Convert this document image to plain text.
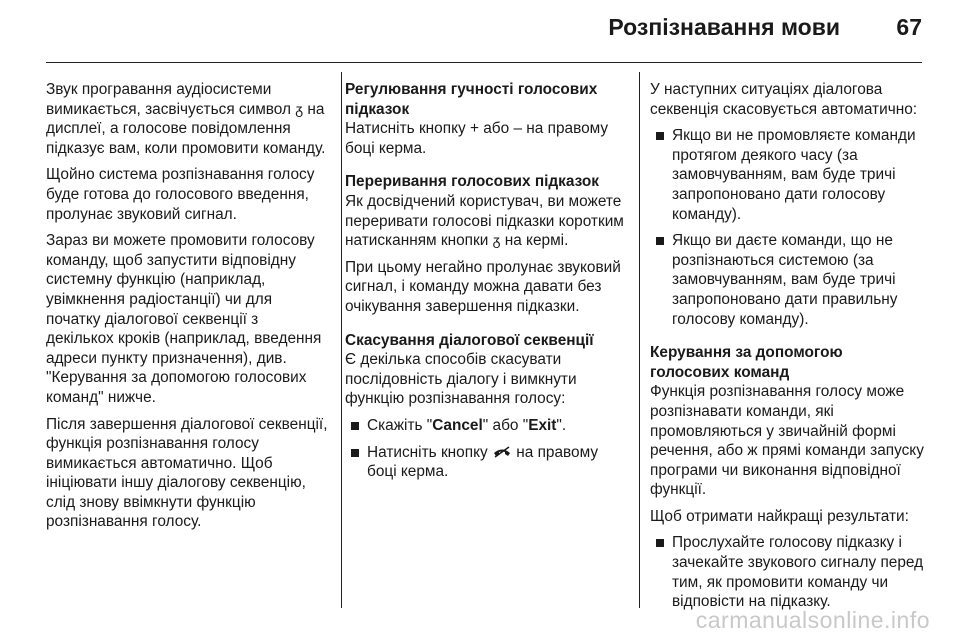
Розпізнавання мови 67

Звук програвання аудіосистеми вимикається, засвічується символ ᵹ на дисплеї, а голосове повідомлення підказує вам, коли промовити команду.

Щойно система розпізнавання голосу буде готова до голосового введення, пролунає звуковий сигнал.

Зараз ви можете промовити голосову команду, щоб запустити відповідну системну функцію (наприклад, увімкнення радіостанції) чи для початку діалогової секвенції з декількох кроків (наприклад, введення адреси пункту призначення), див. "Керування за допомогою голосових команд" нижче.

Після завершення діалогової секвенції, функція розпізнавання голосу вимикається автоматично. Щоб ініціювати іншу діалогову секвенцію, слід знову ввімкнути функцію розпізнавання голосу.

Регулювання гучності голосових підказок

Натисніть кнопку + або – на правому боці керма.

Переривання голосових підказок

Як досвідчений користувач, ви можете переривати голосові підказки коротким натисканням кнопки ᵹ на кермі.

При цьому негайно пролунає звуковий сигнал, і команду можна давати без очікування завершення підказки.

Скасування діалогової секвенції

Є декілька способів скасувати послідовність діалогу і вимкнути функцію розпізнавання голосу:

Скажіть "Cancel" або "Exit".
Натисніть кнопку на правому боці керма.

У наступних ситуаціях діалогова секвенція скасовується автоматично:

Якщо ви не промовляєте команди протягом деякого часу (за замовчуванням, вам буде тричі запропоновано дати голосову команду).
Якщо ви даєте команди, що не розпізнаються системою (за замовчуванням, вам буде тричі запропоновано дати правильну голосову команду).
Керування за допомогою голосових команд

Функція розпізнавання голосу може розпізнавати команди, які промовляються у звичайній формі речення, або ж прямі команди запуску програми чи виконання відповідної функції.

Щоб отримати найкращі результати:

Прослухайте голосову підказку і зачекайте звукового сигналу перед тим, як промовити команду чи відповісти на підказку.
carmanualsonline.info
